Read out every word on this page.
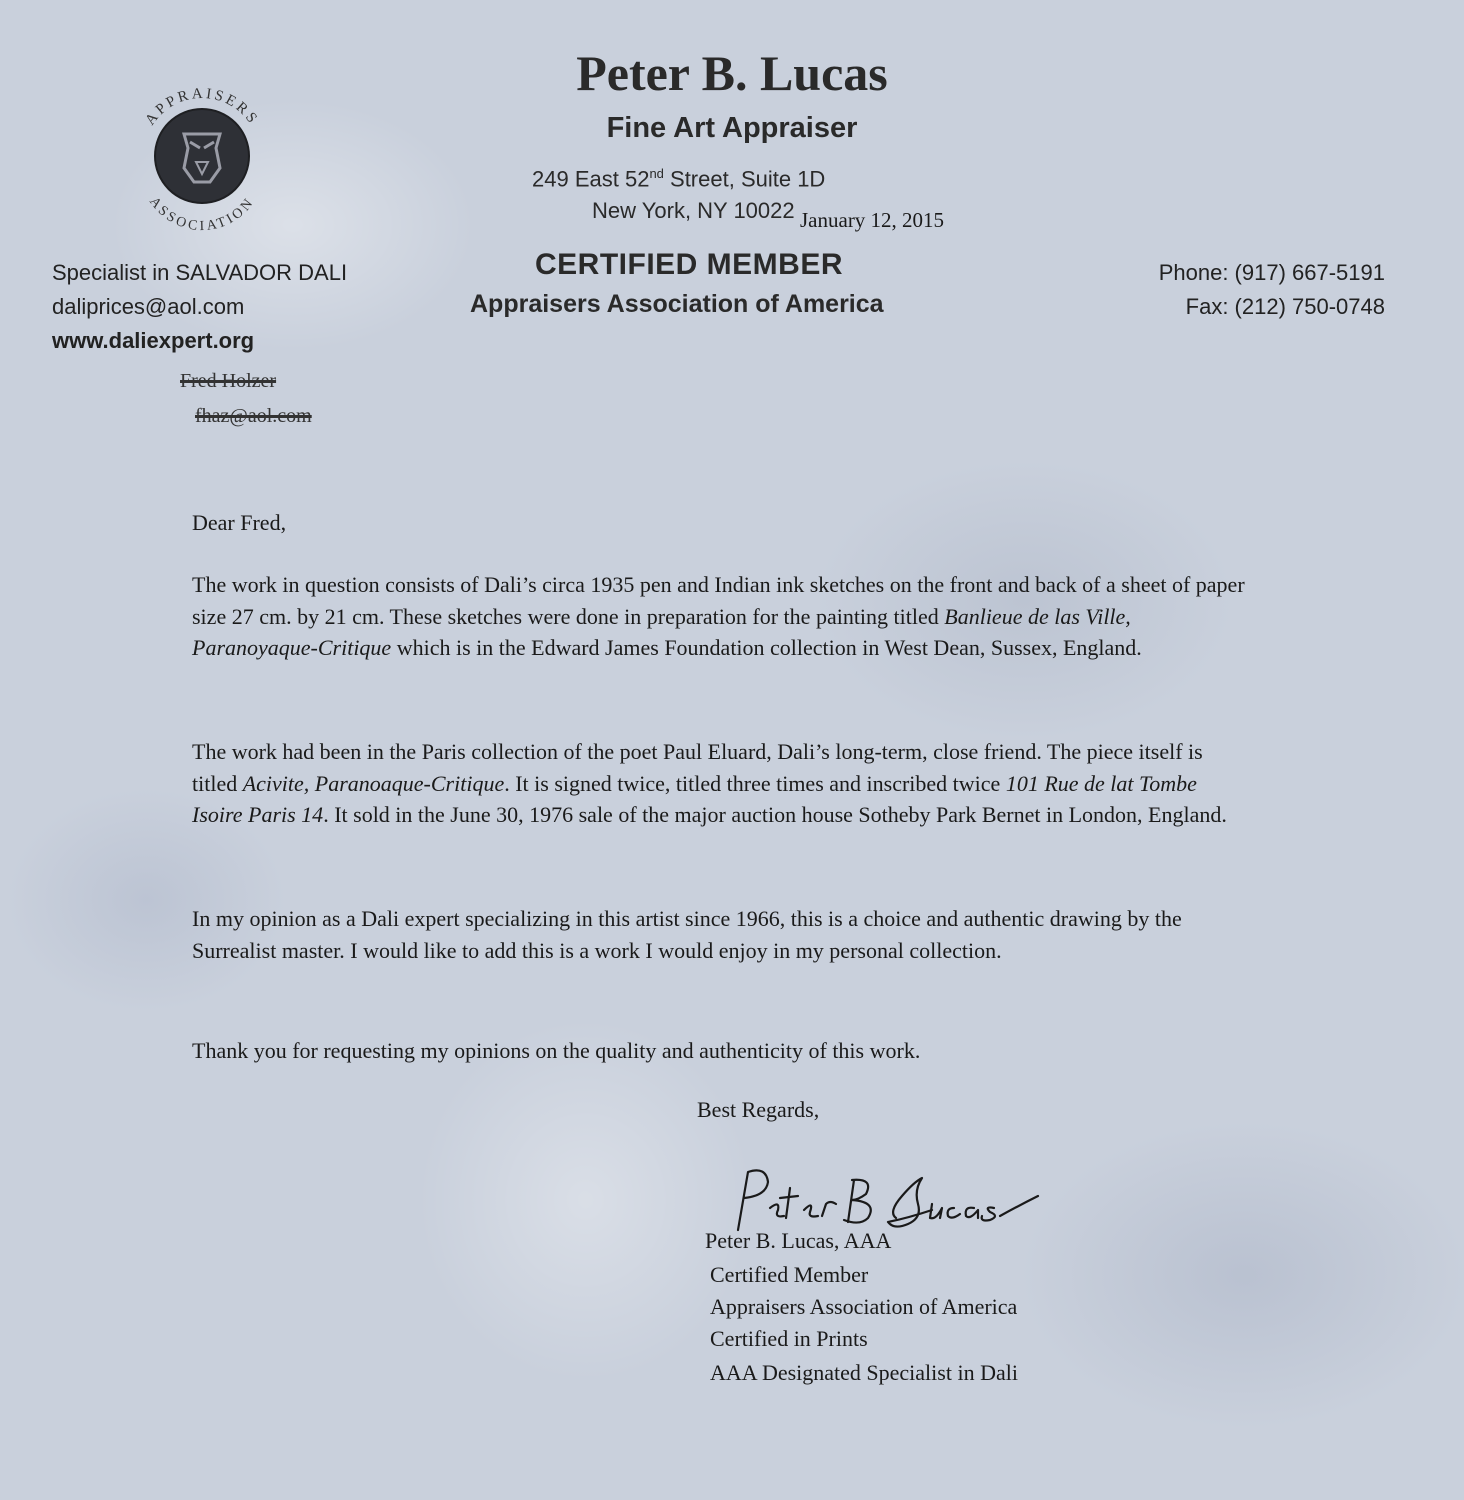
APPRAISERS
ASSOCIATION
Peter B. Lucas
Fine Art Appraiser
249 East 52nd Street, Suite 1D
New York, NY 10022 January 12, 2015
CERTIFIED MEMBER
Appraisers Association of America
Specialist in SALVADOR DALI
daliprices@aol.com
www.daliexpert.org
Phone: (917) 667-5191
Fax: (212) 750-0748
Fred Holzer
fhaz@aol.com
Dear Fred,
The work in question consists of Dali’s circa 1935 pen and Indian ink sketches on the front and back of a sheet of paper size 27 cm. by 21 cm. These sketches were done in preparation for the painting titled Banlieue de las Ville, Paranoyaque-Critique which is in the Edward James Foundation collection in West Dean, Sussex, England.
The work had been in the Paris collection of the poet Paul Eluard, Dali’s long-term, close friend. The piece itself is titled Acivite, Paranoaque-Critique. It is signed twice, titled three times and inscribed twice 101 Rue de lat Tombe Isoire Paris 14. It sold in the June 30, 1976 sale of the major auction house Sotheby Park Bernet in London, England.
In my opinion as a Dali expert specializing in this artist since 1966, this is a choice and authentic drawing by the Surrealist master. I would like to add this is a work I would enjoy in my personal collection.
Thank you for requesting my opinions on the quality and authenticity of this work.
Best Regards,
Peter B. Lucas, AAA
Certified Member
Appraisers Association of America
Certified in Prints
AAA Designated Specialist in Dali
